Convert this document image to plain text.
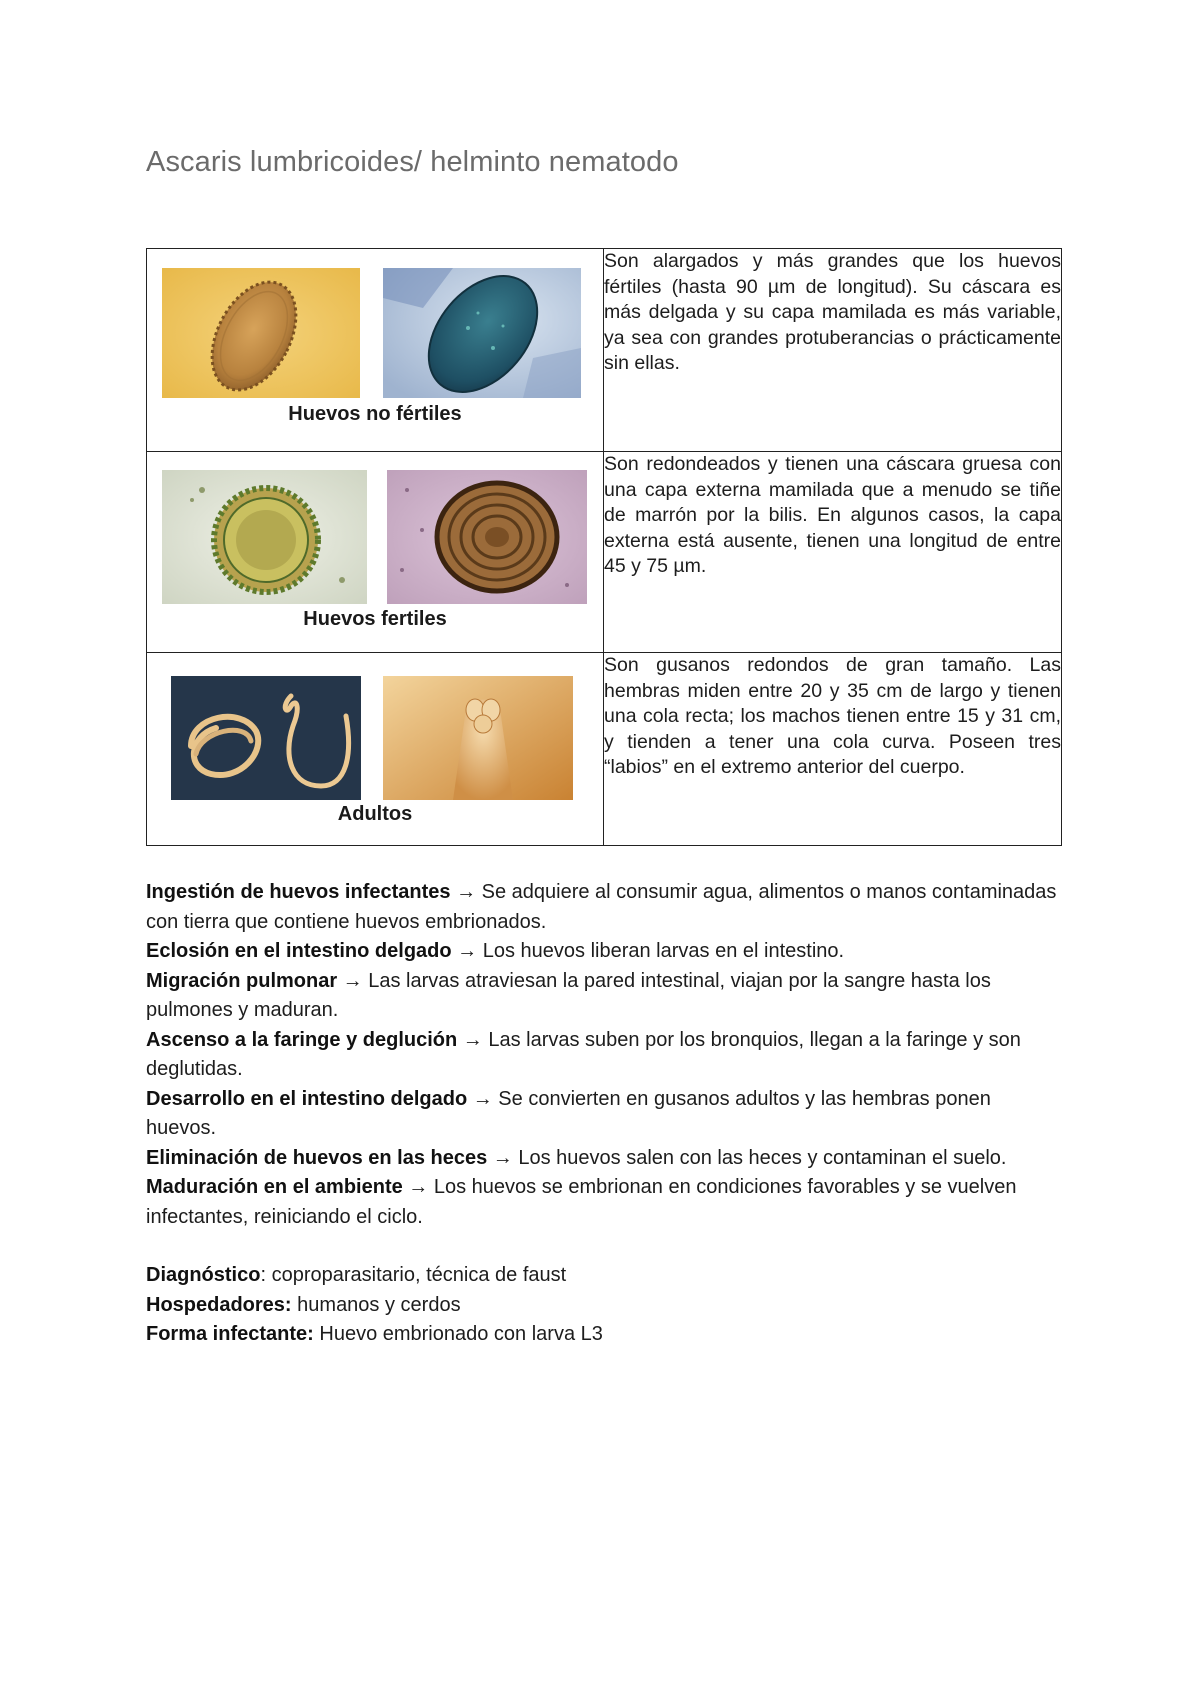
Ascaris lumbricoides/ helminto nematodo
Huevos no fértiles	Son alargados y más grandes que los huevos fértiles (hasta 90 µm de longitud). Su cáscara es más delgada y su capa mamilada es más variable, ya sea con grandes protuberancias o prácticamente sin ellas.

Huevos fertiles	Son redondeados y tienen una cáscara gruesa con una capa externa mamilada que a menudo se tiñe de marrón por la bilis. En algunos casos, la capa externa está ausente, tienen una longitud de entre 45 y 75 µm.

Adultos	Son gusanos redondos de gran tamaño. Las hembras miden entre 20 y 35 cm de largo y tienen una cola recta; los machos tienen entre 15 y 31 cm, y tienden a tener una cola curva. Poseen tres “labios” en el extremo anterior del cuerpo.

Ingestión de huevos infectantes → Se adquiere al consumir agua, alimentos o manos contaminadas con tierra que contiene huevos embrionados.

Eclosión en el intestino delgado → Los huevos liberan larvas en el intestino.

Migración pulmonar → Las larvas atraviesan la pared intestinal, viajan por la sangre hasta los pulmones y maduran.

Ascenso a la faringe y deglución → Las larvas suben por los bronquios, llegan a la faringe y son deglutidas.

Desarrollo en el intestino delgado → Se convierten en gusanos adultos y las hembras ponen huevos.

Eliminación de huevos en las heces → Los huevos salen con las heces y contaminan el suelo.

Maduración en el ambiente → Los huevos se embrionan en condiciones favorables y se vuelven infectantes, reiniciando el ciclo.

Diagnóstico: coproparasitario, técnica de faust

Hospedadores: humanos y cerdos

Forma infectante: Huevo embrionado con larva L3
